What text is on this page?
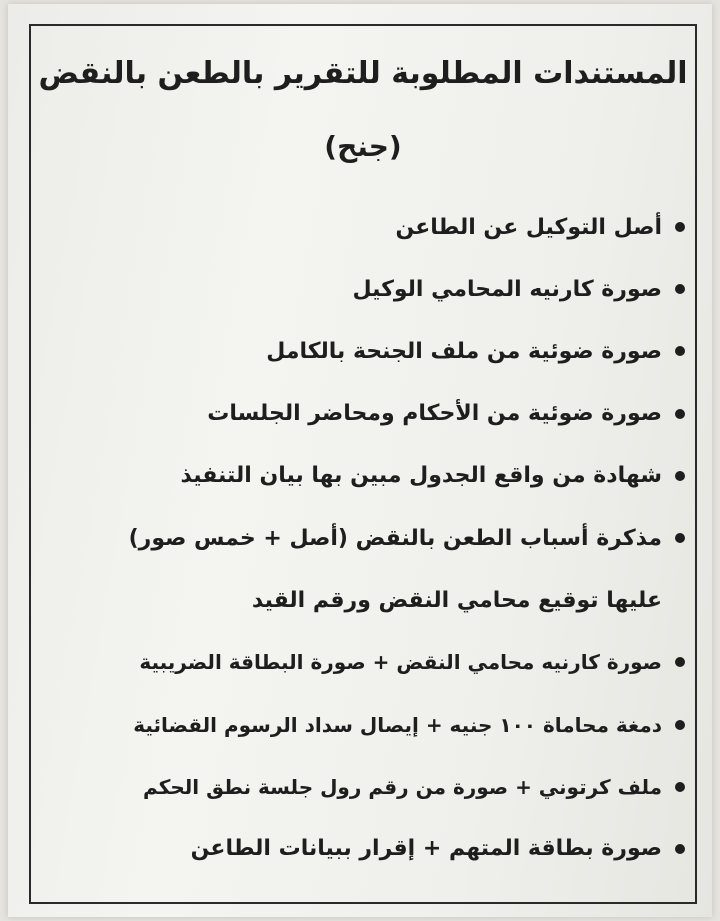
المستندات المطلوبة للتقرير بالطعن بالنقض
(جنح)
أصل التوكيل عن الطاعن
صورة كارنيه المحامي الوكيل
صورة ضوئية من ملف الجنحة بالكامل
صورة ضوئية من الأحكام ومحاضر الجلسات
شهادة من واقع الجدول مبين بها بيان التنفيذ
مذكرة أسباب الطعن بالنقض (أصل + خمس صور)
عليها توقيع محامي النقض ورقم القيد
صورة كارنيه محامي النقض + صورة البطاقة الضريبية
دمغة محاماة ١٠٠ جنيه + إيصال سداد الرسوم القضائية
ملف كرتوني + صورة من رقم رول جلسة نطق الحكم
صورة بطاقة المتهم + إقرار ببيانات الطاعن
